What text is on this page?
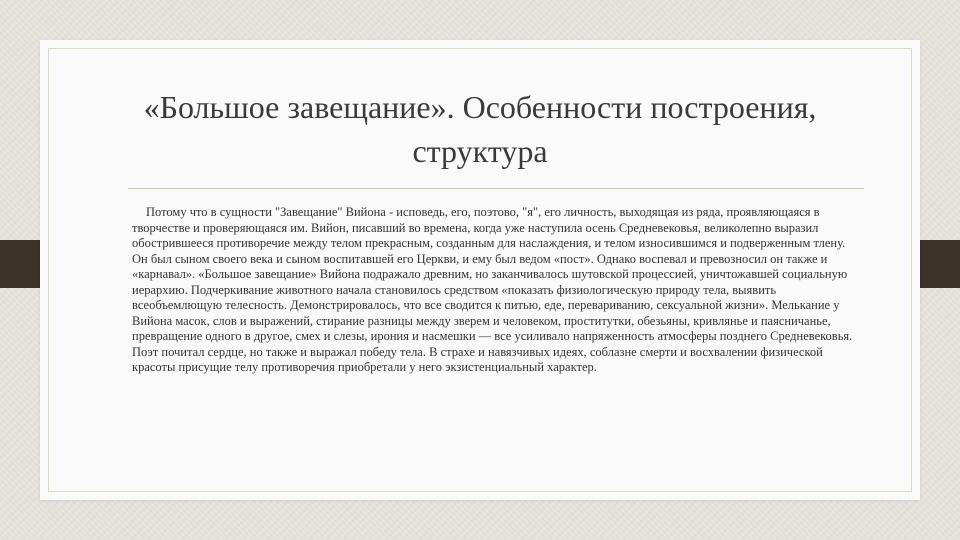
«Большое завещание». Особенности построения, структура

Потому что в сущности "Завещание" Вийона - исповедь, его, поэтово, "я", его личность, выходящая из ряда, проявляющаяся в творчестве и проверяющаяся им. Вийон, писавший во времена, когда уже наступила осень Средневековья, великолепно выразил обострившееся противоречие между телом прекрасным, созданным для наслаждения, и телом износившимся и подверженным тлену. Он был сыном своего века и сыном воспитавшей его Церкви, и ему был ведом «пост». Однако воспевал и превозносил он также и «карнавал». «Большое завещание» Вийона подражало древним, но заканчивалось шутовской процессией, уничтожавшей социальную иерархию. Подчеркивание животного начала становилось средством «показать физиологическую природу тела, выявить всеобъемлющую телесность. Демонстрировалось, что все сводится к питью, еде, перевариванию, сексуальной жизни». Мелькание у Вийона масок, слов и выражений, стирание разницы между зверем и человеком, проститутки, обезьяны, кривлянье и паясничанье, превращение одного в другое, смех и слезы, ирония и насмешки — все усиливало напряженность атмосферы позднего Средневековья. Поэт почитал сердце, но также и выражал победу тела. В страхе и навязчивых идеях, соблазне смерти и восхвалении физической красоты присущие телу противоречия приобретали у него экзистенциальный характер.
